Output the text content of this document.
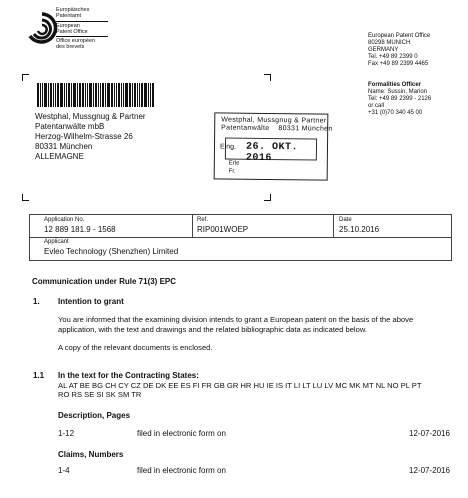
Europäisches
Patentamt
European
Patent Office
Office européen
des brevets
European Patent Office
80298 MUNICH
GERMANY
Tel. +49 89 2399 0
Fax +49 89 2399 4465
Westphal, Mussgnug & Partner
Patentanwälte mbB
Herzog-Wilhelm-Strasse 26
80331 München
ALLEMAGNE
Westphal, Mussgnug & Partner
Patentanwälte    80331 München
Eing. 26. OKT. 2016
Erle
Fr.
Formalities Officer
Name: Sussin, Marion
Tel: +49 89 2399 - 2126
or call
+31 (0)70 340 45 00
Application No.
12 889 181.9 - 1568
Ref.
RIP001WOEP
Date
25.10.2016
Applicant
Evleo Technology (Shenzhen) Limited
Communication under Rule 71(3) EPC
1. Intention to grant
You are informed that the examining division intends to grant a European patent on the basis of the above
application, with the text and drawings and the related bibliographic data as indicated below.
A copy of the relevant documents is enclosed.
1.1 In the text for the Contracting States:
AL AT BE BG CH CY CZ DE DK EE ES FI FR GB GR HR HU IE IS IT LI LT LU LV MC MK MT NL NO PL PT
RO RS SE SI SK SM TR
Description, Pages
1-12	filed in electronic form on	12-07-2016
Claims, Numbers
1-4	filed in electronic form on	12-07-2016
